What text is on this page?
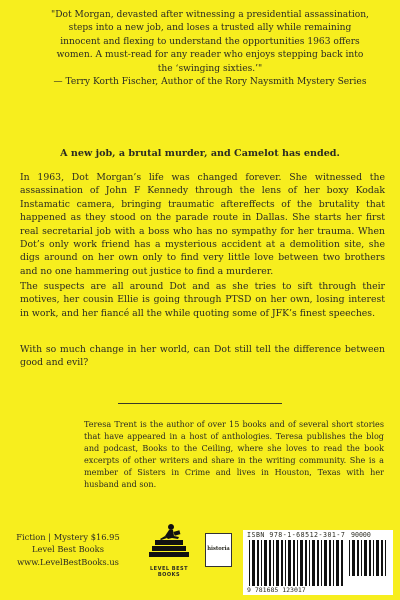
"Dot Morgan, devasted after witnessing a presidential assassination, steps into a new job, and loses a trusted ally while remaining innocent and flexing to understand the opportunities 1963 offers women. A must-read for any reader who enjoys stepping back into the ‘swinging sixties.’"
— Terry Korth Fischer, Author of the Rory Naysmith Mystery Series
A new job, a brutal murder, and Camelot has ended.
In 1963, Dot Morgan’s life was changed forever. She witnessed the assassination of John F Kennedy through the lens of her boxy Kodak Instamatic camera, bringing traumatic aftereffects of the brutality that happened as they stood on the parade route in Dallas. She starts her first real secretarial job with a boss who has no sympathy for her trauma. When Dot’s only work friend has a mysterious accident at a demolition site, she digs around on her own only to find very little love between two brothers and no one hammering out justice to find a murderer.
The suspects are all around Dot and as she tries to sift through their motives, her cousin Ellie is going through PTSD on her own, losing interest in work, and her fiancé all the while quoting some of JFK’s finest speeches.
With so much change in her world, can Dot still tell the difference between good and evil?
Teresa Trent is the author of over 15 books and of several short stories that have appeared in a host of anthologies. Teresa publishes the blog and podcast, Books to the Ceiling, where she loves to read the book excerpts of other writers and share in the writing community. She is a member of Sisters in Crime and lives in Houston, Texas with her husband and son.
Fiction | Mystery $16.95
Level Best Books
www.LevelBestBooks.us
LEVEL BEST BOOKS
historia
ISBN 978-1-68512-301-7 90000
9 781685 123017
